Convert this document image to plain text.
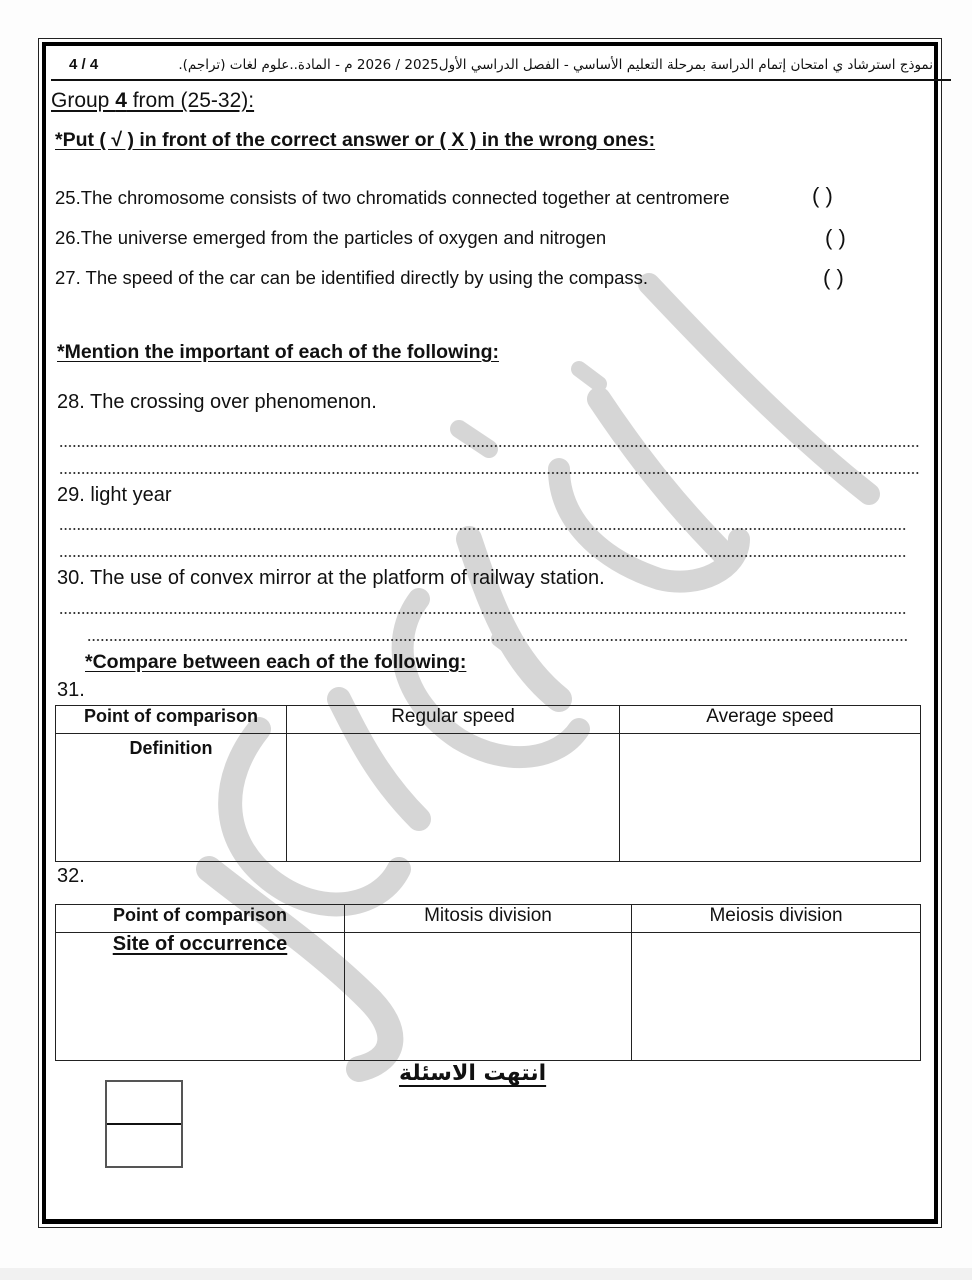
نموذج استرشاد ي امتحان إتمام الدراسة بمرحلة التعليم الأساسي - الفصل الدراسي الأول2025 / 2026 م - المادة..علوم لغات (تراجم).
4 / 4
Group 4 from (25-32):
*Put ( √ ) in front of the correct answer or ( X ) in the wrong ones:
25.The chromosome consists of two chromatids connected together at centromere	( )
26.The universe emerged from the particles of oxygen and nitrogen	( )
27. The speed of the car can be identified directly by using the compass.	( )
*Mention the important of each of the following:
28. The crossing over phenomenon.
29. light year
30. The use of convex mirror at the platform of railway station.
*Compare between each of the following:
31.
Point of comparison	Regular speed	Average speed
Definition		
32.
Point of comparison	Mitosis division	Meiosis division
Site of occurrence		
انتهت الاسئلة
